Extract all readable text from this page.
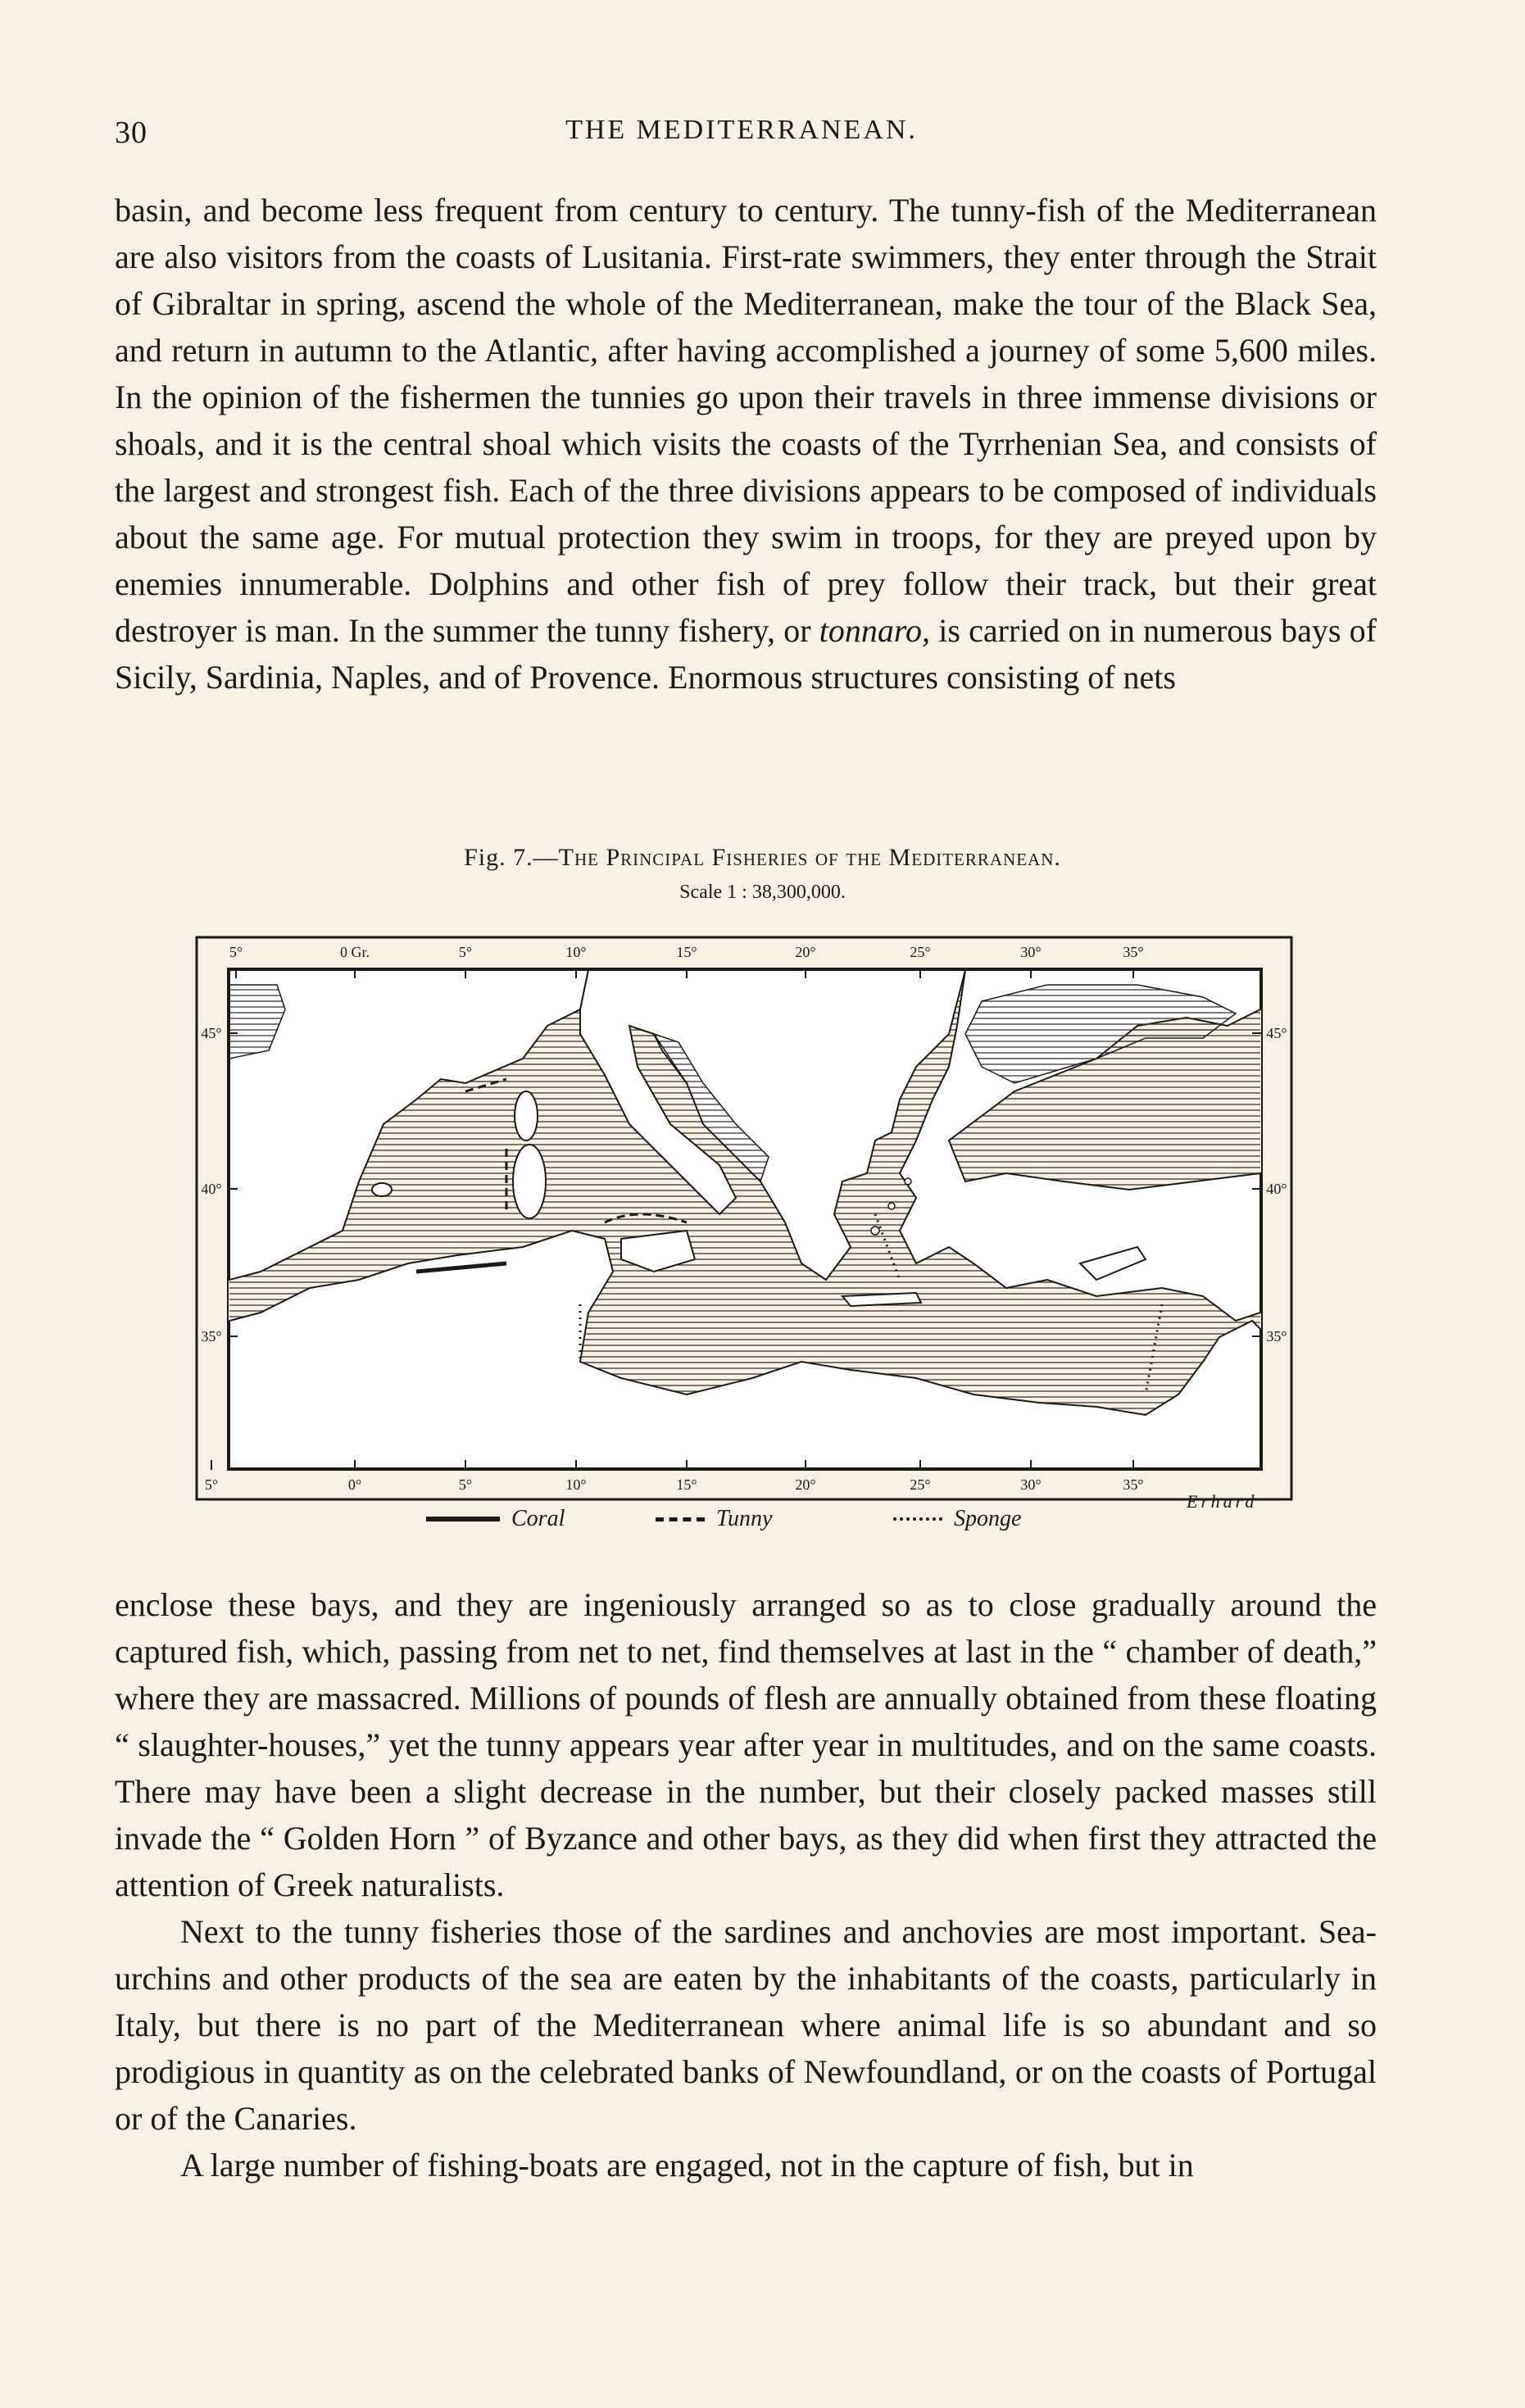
30	THE MEDITERRANEAN.

basin, and become less frequent from century to century. The tunny-fish of the Mediterranean are also visitors from the coasts of Lusitania. First-rate swimmers, they enter through the Strait of Gibraltar in spring, ascend the whole of the Mediterranean, make the tour of the Black Sea, and return in autumn to the Atlantic, after having accomplished a journey of some 5,600 miles. In the opinion of the fishermen the tunnies go upon their travels in three immense divisions or shoals, and it is the central shoal which visits the coasts of the Tyrrhenian Sea, and consists of the largest and strongest fish. Each of the three divisions appears to be composed of individuals about the same age. For mutual protection they swim in troops, for they are preyed upon by enemies innumerable. Dolphins and other fish of prey follow their track, but their great destroyer is man. In the summer the tunny fishery, or tonnaro, is carried on in numerous bays of Sicily, Sardinia, Naples, and of Provence. Enormous structures consisting of nets

Fig. 7.—The Principal Fisheries of the Mediterranean.
Scale 1 : 38,300,000.
5°	0 Gr.	5°	10°	15°	20°	25°	30°	35°
5°	0°	5°	10°	15°	20°	25°	30°	35°
45°
40°
35°
45°
40°
35°
Coral	Tunny	Sponge
Erhard

enclose these bays, and they are ingeniously arranged so as to close gradually around the captured fish, which, passing from net to net, find themselves at last in the “ chamber of death,” where they are massacred. Millions of pounds of flesh are annually obtained from these floating “ slaughter-houses,” yet the tunny appears year after year in multitudes, and on the same coasts. There may have been a slight decrease in the number, but their closely packed masses still invade the “ Golden Horn ” of Byzance and other bays, as they did when first they attracted the attention of Greek naturalists.

Next to the tunny fisheries those of the sardines and anchovies are most important. Sea-urchins and other products of the sea are eaten by the inhabitants of the coasts, particularly in Italy, but there is no part of the Mediterranean where animal life is so abundant and so prodigious in quantity as on the celebrated banks of Newfoundland, or on the coasts of Portugal or of the Canaries.

A large number of fishing-boats are engaged, not in the capture of fish, but in
